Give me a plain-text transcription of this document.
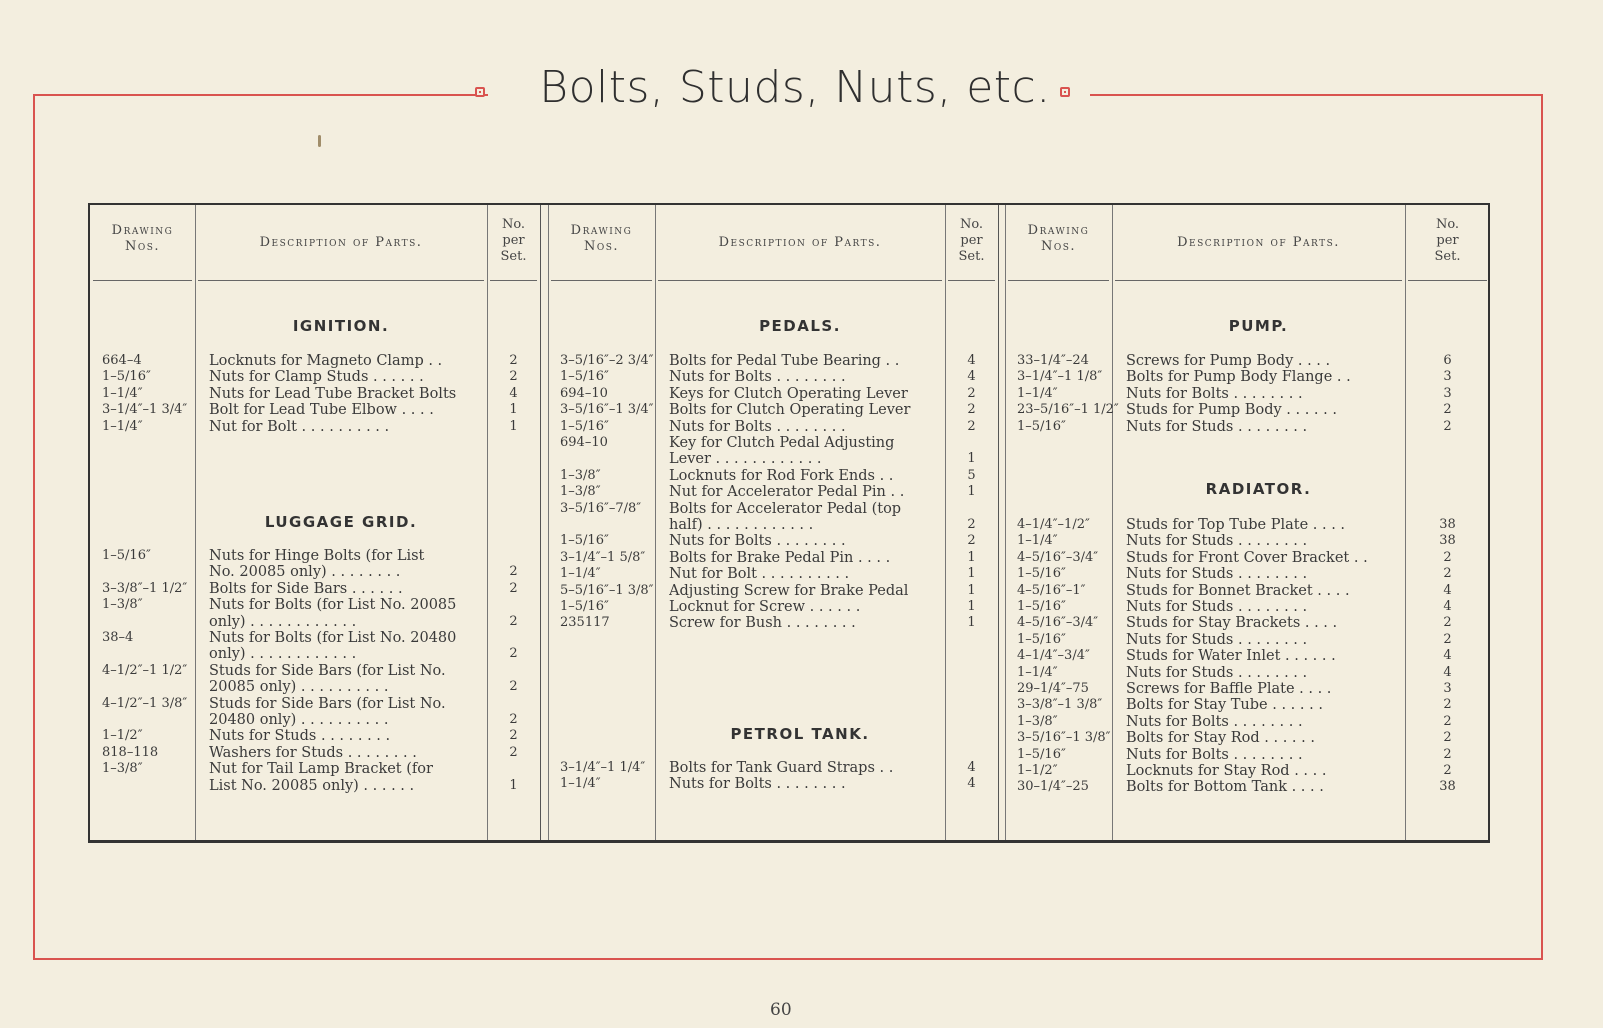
Bolts, Studs, Nuts, etc.
Drawing
Nos.	Description of Parts.
No.
per
Set.
Drawing
Nos.	Description of Parts.
No.
per
Set.
Drawing
Nos.	Description of Parts.
No.
per
Set.
IGNITION.
664–4	Locknuts for Magneto Clamp . .	2
1–5/16″	Nuts for Clamp Studs . . . . . .	2
1–1/4″	Nuts for Lead Tube Bracket Bolts	4
3–1/4″–1 3/4″ Bolt for Lead Tube Elbow . . . .	1
1–1/4″	Nut for Bolt . . . . . . . . . .	1
LUGGAGE GRID.
1–5/16″	Nuts for Hinge Bolts (for List
No. 20085 only) . . . . . . . .	2
3–3/8″–1 1/2″ Bolts for Side Bars . . . . . .	2
1–3/8″	Nuts for Bolts (for List No. 20085
only) . . . . . . . . . . . .	2
38–4	Nuts for Bolts (for List No. 20480
only) . . . . . . . . . . . .	2
4–1/2″–1 1/2″ Studs for Side Bars (for List No.
20085 only) . . . . . . . . . .	2
4–1/2″–1 3/8″ Studs for Side Bars (for List No.
20480 only) . . . . . . . . . .	2
1–1/2″	Nuts for Studs . . . . . . . .	2
818–118	Washers for Studs . . . . . . . .	2
1–3/8″	Nut for Tail Lamp Bracket (for
List No. 20085 only) . . . . . .	1
PEDALS.
3–5/16″–2 3/4″ Bolts for Pedal Tube Bearing . .	4
1–5/16″	Nuts for Bolts . . . . . . . .	4
694–10	Keys for Clutch Operating Lever	2
3–5/16″–1 3/4″ Bolts for Clutch Operating Lever	2
1–5/16″	Nuts for Bolts . . . . . . . .	2
694–10	Key for Clutch Pedal Adjusting
Lever . . . . . . . . . . . .	1
1–3/8″	Locknuts for Rod Fork Ends . .	5
1–3/8″	Nut for Accelerator Pedal Pin . .	1
3–5/16″–7/8″ Bolts for Accelerator Pedal (top
half) . . . . . . . . . . . .	2
1–5/16″	Nuts for Bolts . . . . . . . .	2
3–1/4″–1 5/8″ Bolts for Brake Pedal Pin . . . .	1
1–1/4″	Nut for Bolt . . . . . . . . . .	1
5–5/16″–1 3/8″ Adjusting Screw for Brake Pedal	1
1–5/16″	Locknut for Screw . . . . . .	1
235117	Screw for Bush . . . . . . . .	1
PETROL TANK.
3–1/4″–1 1/4″ Bolts for Tank Guard Straps . .	4
1–1/4″	Nuts for Bolts . . . . . . . .	4
PUMP.
33–1/4″–24	Screws for Pump Body . . . .	6
3–1/4″–1 1/8″ Bolts for Pump Body Flange . .	3
1–1/4″	Nuts for Bolts . . . . . . . .	3
23–5/16″–1 1/2″ Studs for Pump Body . . . . . .	2
1–5/16″	Nuts for Studs . . . . . . . .	2
RADIATOR.
4–1/4″–1/2″ Studs for Top Tube Plate . . . .	38
1–1/4″	Nuts for Studs . . . . . . . .	38
4–5/16″–3/4″ Studs for Front Cover Bracket . .	2
1–5/16″	Nuts for Studs . . . . . . . .	2
4–5/16″–1″	Studs for Bonnet Bracket . . . .	4
1–5/16″	Nuts for Studs . . . . . . . .	4
4–5/16″–3/4″ Studs for Stay Brackets . . . .	2
1–5/16″	Nuts for Studs . . . . . . . .	2
4–1/4″–3/4″ Studs for Water Inlet . . . . . .	4
1–1/4″	Nuts for Studs . . . . . . . .	4
29–1/4″–75	Screws for Baffle Plate . . . .	3
3–3/8″–1 3/8″ Bolts for Stay Tube . . . . . .	2
1–3/8″	Nuts for Bolts . . . . . . . .	2
3–5/16″–1 3/8″ Bolts for Stay Rod . . . . . .	2
1–5/16″	Nuts for Bolts . . . . . . . .	2
1–1/2″	Locknuts for Stay Rod . . . .	2
30–1/4″–25	Bolts for Bottom Tank . . . .	38
60
